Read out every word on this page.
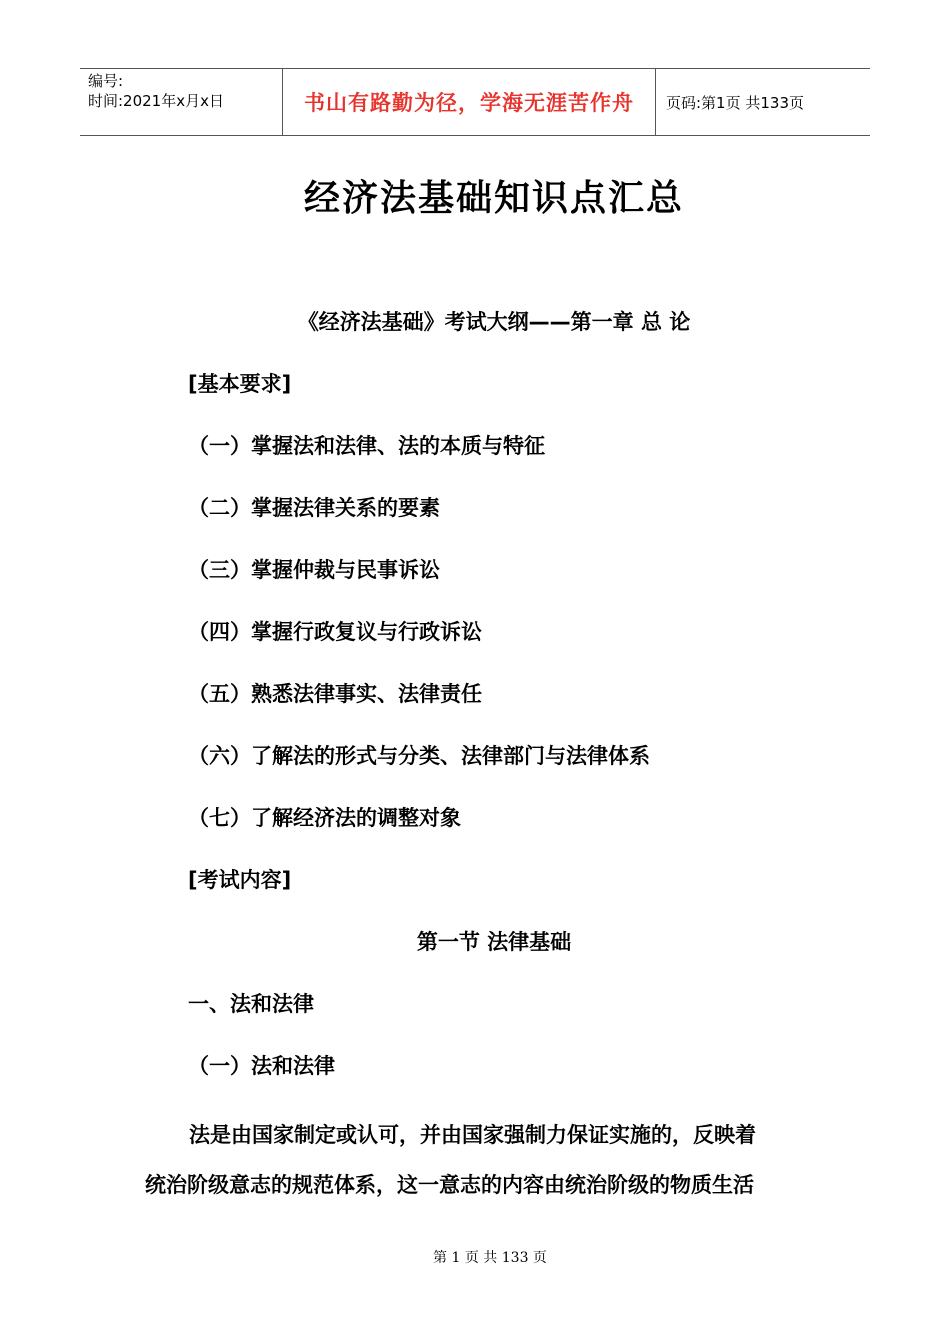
编号:
时间:2021年x月x日	书山有路勤为径，学海无涯苦作舟	页码:第1页 共133页
经济法基础知识点汇总
《经济法基础》考试大纲——第一章 总 论
[基本要求]
（一）掌握法和法律、法的本质与特征
（二）掌握法律关系的要素
（三）掌握仲裁与民事诉讼
（四）掌握行政复议与行政诉讼
（五）熟悉法律事实、法律责任
（六）了解法的形式与分类、法律部门与法律体系
（七）了解经济法的调整对象
[考试内容]
第一节 法律基础
一、法和法律
（一）法和法律
法是由国家制定或认可，并由国家强制力保证实施的，反映着
统治阶级意志的规范体系，这一意志的内容由统治阶级的物质生活
第 1 页 共 133 页
